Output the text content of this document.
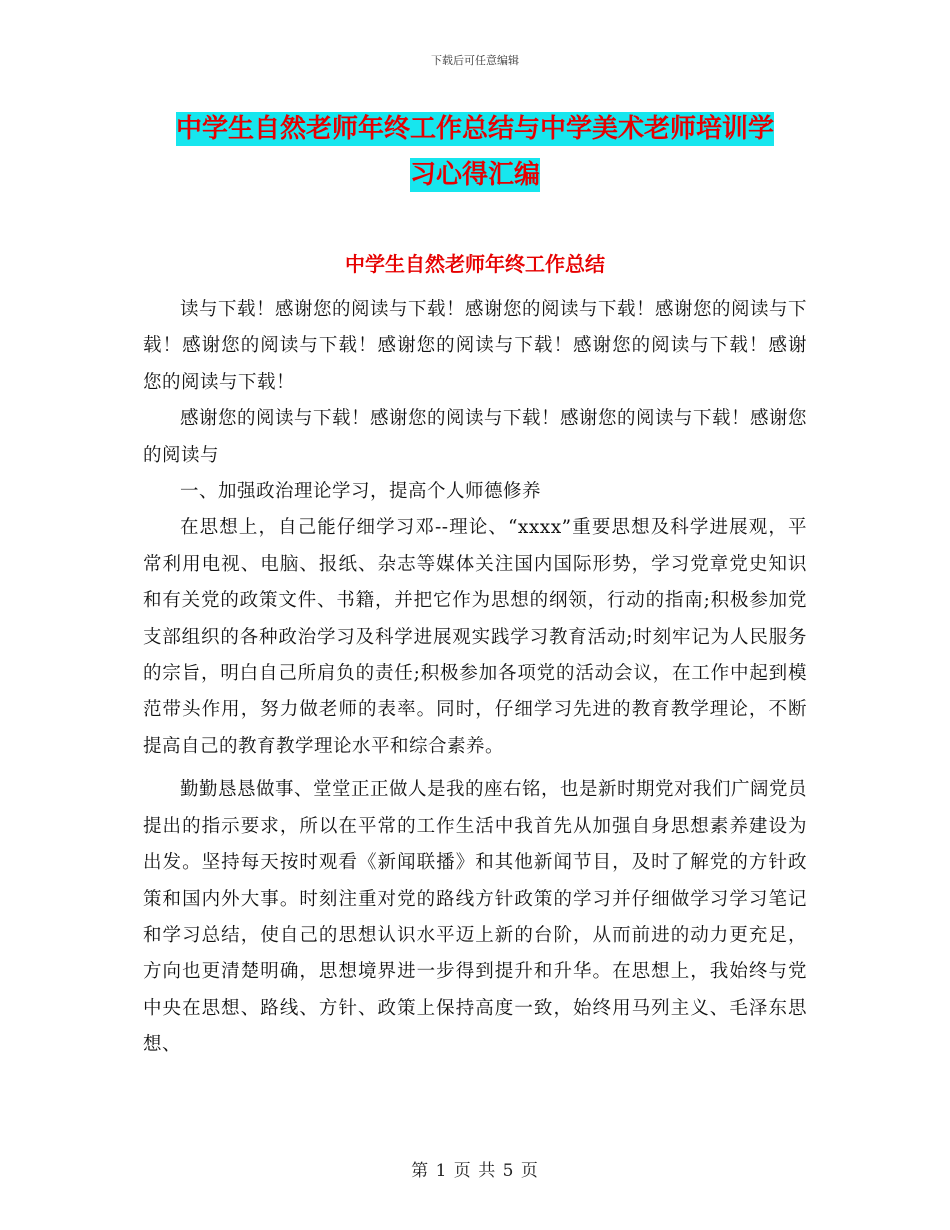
下载后可任意编辑
中学生自然老师年终工作总结与中学美术老师培训学
习心得汇编
中学生自然老师年终工作总结

读与下载！感谢您的阅读与下载！感谢您的阅读与下载！感谢您的阅读与下载！感谢您的阅读与下载！感谢您的阅读与下载！感谢您的阅读与下载！感谢您的阅读与下载！

感谢您的阅读与下载！感谢您的阅读与下载！感谢您的阅读与下载！感谢您的阅读与

一、加强政治理论学习，提高个人师德修养

在思想上，自己能仔细学习邓--理论、“xxxx”重要思想及科学进展观，平常利用电视、电脑、报纸、杂志等媒体关注国内国际形势，学习党章党史知识和有关党的政策文件、书籍，并把它作为思想的纲领，行动的指南;积极参加党支部组织的各种政治学习及科学进展观实践学习教育活动;时刻牢记为人民服务的宗旨，明白自己所肩负的责任;积极参加各项党的活动会议，在工作中起到模范带头作用，努力做老师的表率。同时，仔细学习先进的教育教学理论，不断提高自己的教育教学理论水平和综合素养。

勤勤恳恳做事、堂堂正正做人是我的座右铭，也是新时期党对我们广阔党员提出的指示要求，所以在平常的工作生活中我首先从加强自身思想素养建设为出发。坚持每天按时观看《新闻联播》和其他新闻节目，及时了解党的方针政策和国内外大事。时刻注重对党的路线方针政策的学习并仔细做学习学习笔记和学习总结，使自己的思想认识水平迈上新的台阶，从而前进的动力更充足，方向也更清楚明确，思想境界进一步得到提升和升华。在思想上，我始终与党中央在思想、路线、方针、政策上保持高度一致，始终用马列主义、毛泽东思想、

第 1 页 共 5 页
